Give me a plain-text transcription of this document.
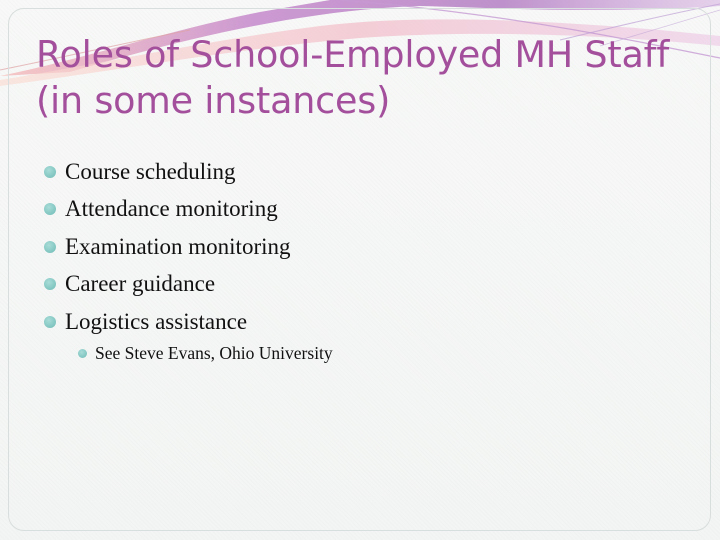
Roles of School-Employed MH Staff (in some instances)
Course scheduling
Attendance monitoring
Examination monitoring
Career guidance
Logistics assistance
See Steve Evans, Ohio University
